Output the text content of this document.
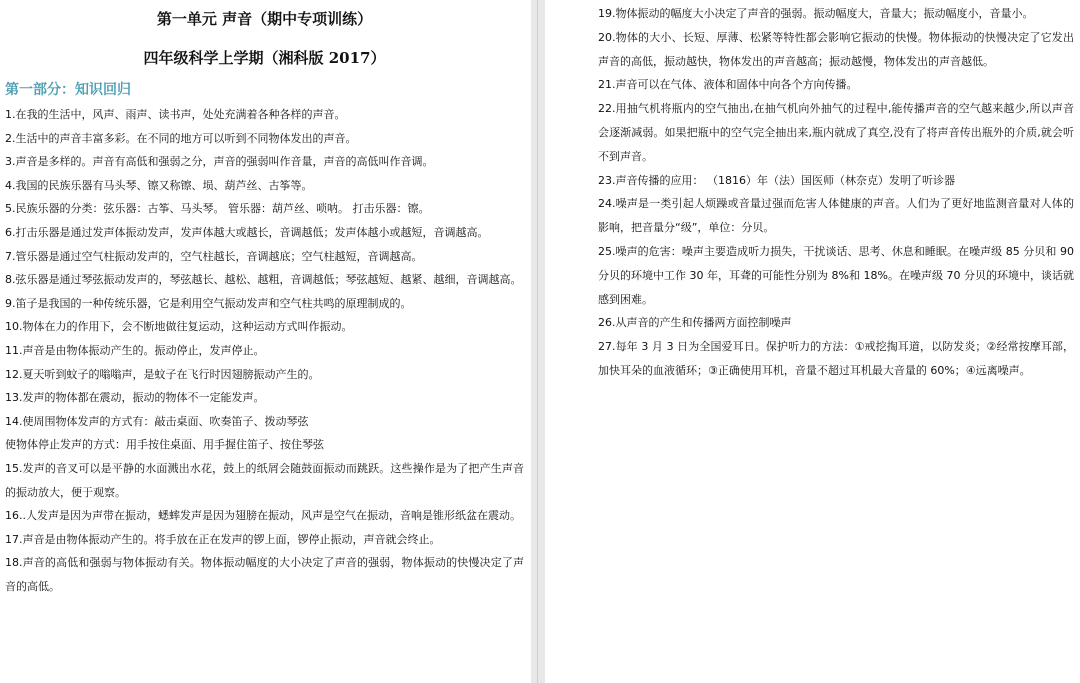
第一单元 声音（期中专项训练）
四年级科学上学期（湘科版 2017）
第一部分：知识回归
1.在我的生活中，风声、雨声、读书声，处处充满着各种各样的声音。
2.生活中的声音丰富多彩。在不同的地方可以听到不同物体发出的声音。
3.声音是多样的。声音有高低和强弱之分，声音的强弱叫作音量，声音的高低叫作音调。
4.我国的民族乐器有马头琴、镲又称镲、埙、葫芦丝、古筝等。
5.民族乐器的分类：弦乐器：古筝、马头琴。 管乐器：葫芦丝、唢呐。 打击乐器：镲。
6.打击乐器是通过发声体振动发声，发声体越大或越长，音调越低；发声体越小或越短，音调越高。
7.管乐器是通过空气柱振动发声的，空气柱越长，音调越底；空气柱越短，音调越高。
8.弦乐器是通过琴弦振动发声的，琴弦越长、越松、越粗，音调越低；琴弦越短、越紧、越细，音调越高。
9.笛子是我国的一种传统乐器，它是利用空气振动发声和空气柱共鸣的原理制成的。
10.物体在力的作用下，会不断地做往复运动，这种运动方式叫作振动。
11.声音是由物体振动产生的。振动停止，发声停止。
12.夏天听到蚊子的嗡嗡声，是蚊子在飞行时因翅膀振动产生的。
13.发声的物体都在震动，振动的物体不一定能发声。
14.使周围物体发声的方式有：敲击桌面、吹奏笛子、拨动琴弦
使物体停止发声的方式：用手按住桌面、用手握住笛子、按住琴弦
15.发声的音叉可以是平静的水面溅出水花，鼓上的纸屑会随鼓面振动而跳跃。这些操作是为了把产生声音的振动放大，便于观察。
16..人发声是因为声带在振动，蟋蟀发声是因为翅膀在振动，风声是空气在振动，音响是锥形纸盆在震动。
17.声音是由物体振动产生的。将手放在正在发声的锣上面，锣停止振动，声音就会终止。
18.声音的高低和强弱与物体振动有关。物体振动幅度的大小决定了声音的强弱，物体振动的快慢决定了声音的高低。
19.物体振动的幅度大小决定了声音的强弱。振动幅度大，音量大；振动幅度小，音量小。
20.物体的大小、长短、厚薄、松紧等特性都会影响它振动的快慢。物体振动的快慢决定了它发出声音的高低，振动越快，物体发出的声音越高；振动越慢，物体发出的声音越低。
21.声音可以在气体、液体和固体中向各个方向传播。
22.用抽气机将瓶内的空气抽出,在抽气机向外抽气的过程中,能传播声音的空气越来越少,所以声音会逐渐减弱。如果把瓶中的空气完全抽出来,瓶内就成了真空,没有了将声音传出瓶外的介质,就会听不到声音。
23.声音传播的应用： （1816）年（法）国医师（林奈克）发明了听诊器
24.噪声是一类引起人烦躁或音量过强而危害人体健康的声音。人们为了更好地监测音量对人体的影响，把音量分“级”，单位：分贝。
25.噪声的危害：噪声主要造成听力损失，干扰谈话、思考、休息和睡眠。在噪声级 85 分贝和 90 分贝的环境中工作 30 年，耳聋的可能性分别为 8%和 18%。在噪声级 70 分贝的环境中，谈话就感到困难。
26.从声音的产生和传播两方面控制噪声
27.每年 3 月 3 日为全国爱耳日。保护听力的方法：①戒挖掏耳道，以防发炎；②经常按摩耳部，加快耳朵的血液循环；③正确使用耳机，音量不超过耳机最大音量的 60%；④远离噪声。
